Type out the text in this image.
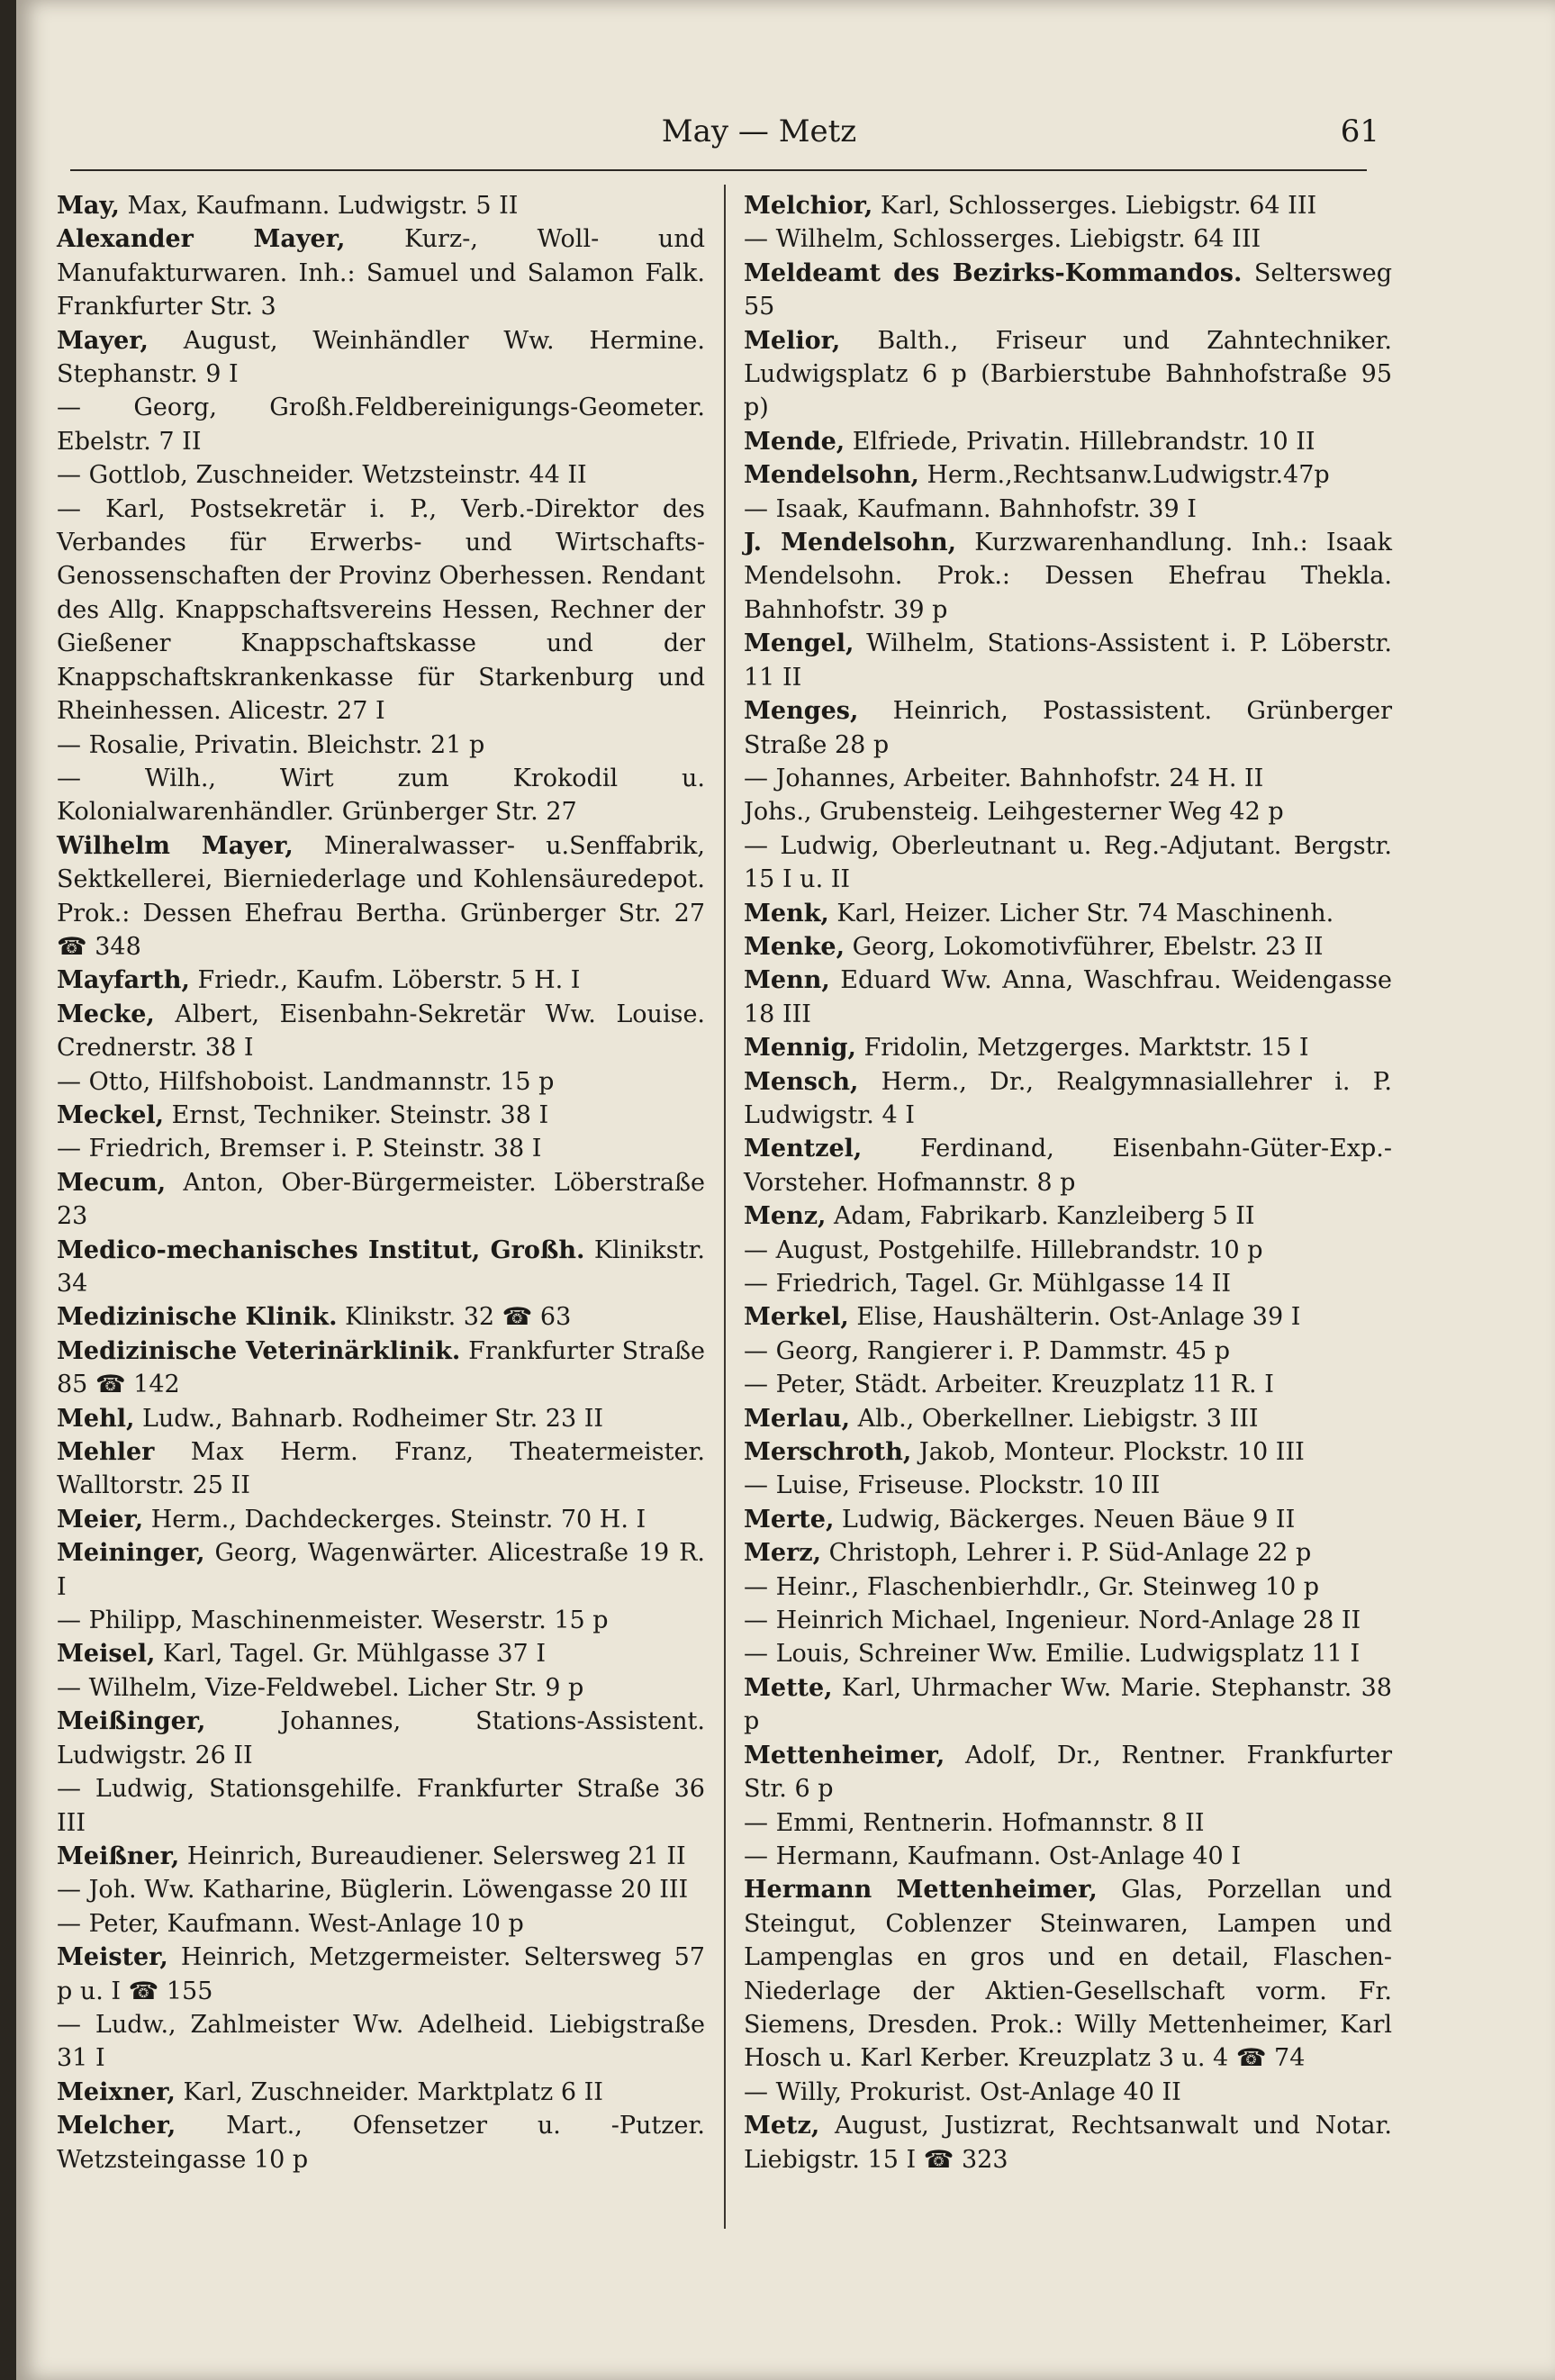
May — Metz	61

May, Max, Kaufmann. Ludwigstr. 5 II

Alexander Mayer, Kurz-, Woll- und Manufakturwaren. Inh.: Samuel und Salamon Falk. Frankfurter Str. 3

Mayer, August, Weinhändler Ww. Hermine. Stephanstr. 9 I

— Georg, Großh.Feldbereinigungs-Geometer. Ebelstr. 7 II

— Gottlob, Zuschneider. Wetzsteinstr. 44 II

— Karl, Postsekretär i. P., Verb.-Direktor des Verbandes für Erwerbs- und Wirtschafts-Genossenschaften der Provinz Oberhessen. Rendant des Allg. Knappschaftsvereins Hessen, Rechner der Gießener Knappschaftskasse und der Knappschaftskrankenkasse für Starkenburg und Rheinhessen. Alicestr. 27 I

— Rosalie, Privatin. Bleichstr. 21 p

— Wilh., Wirt zum Krokodil u. Kolonialwarenhändler. Grünberger Str. 27

Wilhelm Mayer, Mineralwasser- u.Senffabrik, Sektkellerei, Bierniederlage und Kohlensäuredepot. Prok.: Dessen Ehefrau Bertha. Grünberger Str. 27 ☎ 348

Mayfarth, Friedr., Kaufm. Löberstr. 5 H. I

Mecke, Albert, Eisenbahn-Sekretär Ww. Louise. Crednerstr. 38 I

— Otto, Hilfshoboist. Landmannstr. 15 p

Meckel, Ernst, Techniker. Steinstr. 38 I

— Friedrich, Bremser i. P. Steinstr. 38 I

Mecum, Anton, Ober-Bürgermeister. Löberstraße 23

Medico-mechanisches Institut, Großh. Klinikstr. 34

Medizinische Klinik. Klinikstr. 32 ☎ 63

Medizinische Veterinärklinik. Frankfurter Straße 85 ☎ 142

Mehl, Ludw., Bahnarb. Rodheimer Str. 23 II

Mehler Max Herm. Franz, Theatermeister. Walltorstr. 25 II

Meier, Herm., Dachdeckerges. Steinstr. 70 H. I

Meininger, Georg, Wagenwärter. Alicestraße 19 R. I

— Philipp, Maschinenmeister. Weserstr. 15 p

Meisel, Karl, Tagel. Gr. Mühlgasse 37 I

— Wilhelm, Vize-Feldwebel. Licher Str. 9 p

Meißinger, Johannes, Stations-Assistent. Ludwigstr. 26 II

— Ludwig, Stationsgehilfe. Frankfurter Straße 36 III

Meißner, Heinrich, Bureaudiener. Selersweg 21 II

— Joh. Ww. Katharine, Büglerin. Löwengasse 20 III

— Peter, Kaufmann. West-Anlage 10 p

Meister, Heinrich, Metzgermeister. Seltersweg 57 p u. I ☎ 155

— Ludw., Zahlmeister Ww. Adelheid. Liebigstraße 31 I

Meixner, Karl, Zuschneider. Marktplatz 6 II

Melcher, Mart., Ofensetzer u. -Putzer. Wetzsteingasse 10 p

Melchior, Karl, Schlosserges. Liebigstr. 64 III

— Wilhelm, Schlosserges. Liebigstr. 64 III

Meldeamt des Bezirks-Kommandos. Seltersweg 55

Melior, Balth., Friseur und Zahntechniker. Ludwigsplatz 6 p (Barbierstube Bahnhofstraße 95 p)

Mende, Elfriede, Privatin. Hillebrandstr. 10 II

Mendelsohn, Herm.,Rechtsanw.Ludwigstr.47p

— Isaak, Kaufmann. Bahnhofstr. 39 I

J. Mendelsohn, Kurzwarenhandlung. Inh.: Isaak Mendelsohn. Prok.: Dessen Ehefrau Thekla. Bahnhofstr. 39 p

Mengel, Wilhelm, Stations-Assistent i. P. Löberstr. 11 II

Menges, Heinrich, Postassistent. Grünberger Straße 28 p

— Johannes, Arbeiter. Bahnhofstr. 24 H. II

Johs., Grubensteig. Leihgesterner Weg 42 p

— Ludwig, Oberleutnant u. Reg.-Adjutant. Bergstr. 15 I u. II

Menk, Karl, Heizer. Licher Str. 74 Maschinenh.

Menke, Georg, Lokomotivführer, Ebelstr. 23 II

Menn, Eduard Ww. Anna, Waschfrau. Weidengasse 18 III

Mennig, Fridolin, Metzgerges. Marktstr. 15 I

Mensch, Herm., Dr., Realgymnasiallehrer i. P. Ludwigstr. 4 I

Mentzel, Ferdinand, Eisenbahn-Güter-Exp.-Vorsteher. Hofmannstr. 8 p

Menz, Adam, Fabrikarb. Kanzleiberg 5 II

— August, Postgehilfe. Hillebrandstr. 10 p

— Friedrich, Tagel. Gr. Mühlgasse 14 II

Merkel, Elise, Haushälterin. Ost-Anlage 39 I

— Georg, Rangierer i. P. Dammstr. 45 p

— Peter, Städt. Arbeiter. Kreuzplatz 11 R. I

Merlau, Alb., Oberkellner. Liebigstr. 3 III

Merschroth, Jakob, Monteur. Plockstr. 10 III

— Luise, Friseuse. Plockstr. 10 III

Merte, Ludwig, Bäckerges. Neuen Bäue 9 II

Merz, Christoph, Lehrer i. P. Süd-Anlage 22 p

— Heinr., Flaschenbierhdlr., Gr. Steinweg 10 p

— Heinrich Michael, Ingenieur. Nord-Anlage 28 II

— Louis, Schreiner Ww. Emilie. Ludwigsplatz 11 I

Mette, Karl, Uhrmacher Ww. Marie. Stephanstr. 38 p

Mettenheimer, Adolf, Dr., Rentner. Frankfurter Str. 6 p

— Emmi, Rentnerin. Hofmannstr. 8 II

— Hermann, Kaufmann. Ost-Anlage 40 I

Hermann Mettenheimer, Glas, Porzellan und Steingut, Coblenzer Steinwaren, Lampen und Lampenglas en gros und en detail, Flaschen-Niederlage der Aktien-Gesellschaft vorm. Fr. Siemens, Dresden. Prok.: Willy Mettenheimer, Karl Hosch u. Karl Kerber. Kreuzplatz 3 u. 4 ☎ 74

— Willy, Prokurist. Ost-Anlage 40 II

Metz, August, Justizrat, Rechtsanwalt und Notar. Liebigstr. 15 I ☎ 323
